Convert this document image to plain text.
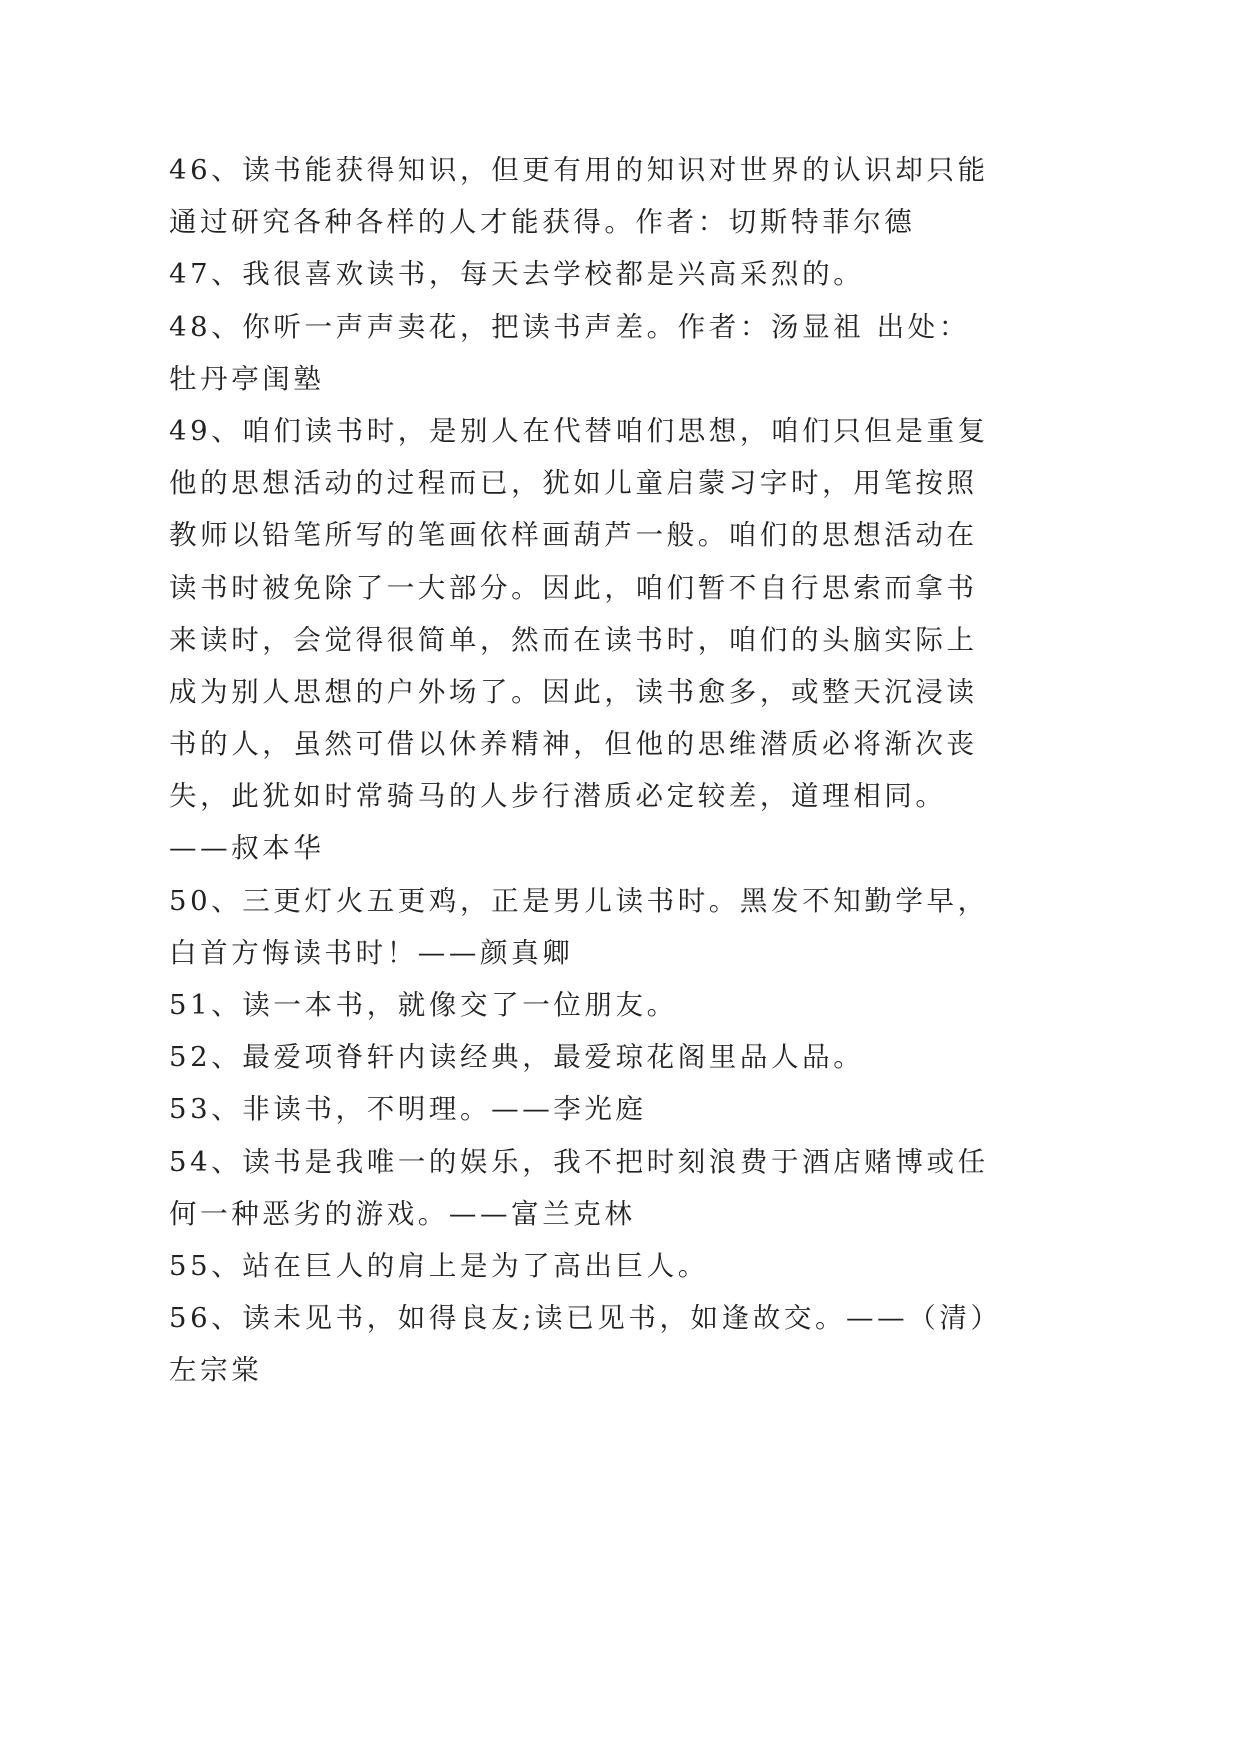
46、读书能获得知识，但更有用的知识对世界的认识却只能
通过研究各种各样的人才能获得。作者：切斯特菲尔德
47、我很喜欢读书，每天去学校都是兴高采烈的。
48、你听一声声卖花，把读书声差。作者：汤显祖 出处：
牡丹亭闺塾
49、咱们读书时，是别人在代替咱们思想，咱们只但是重复
他的思想活动的过程而已，犹如儿童启蒙习字时，用笔按照
教师以铅笔所写的笔画依样画葫芦一般。咱们的思想活动在
读书时被免除了一大部分。因此，咱们暂不自行思索而拿书
来读时，会觉得很简单，然而在读书时，咱们的头脑实际上
成为别人思想的户外场了。因此，读书愈多，或整天沉浸读
书的人，虽然可借以休养精神，但他的思维潜质必将渐次丧
失，此犹如时常骑马的人步行潜质必定较差，道理相同。
——叔本华
50、三更灯火五更鸡，正是男儿读书时。黑发不知勤学早，
白首方悔读书时！——颜真卿
51、读一本书，就像交了一位朋友。
52、最爱项脊轩内读经典，最爱琼花阁里品人品。
53、非读书，不明理。——李光庭
54、读书是我唯一的娱乐，我不把时刻浪费于酒店赌博或任
何一种恶劣的游戏。——富兰克林
55、站在巨人的肩上是为了高出巨人。
56、读未见书，如得良友;读已见书，如逢故交。——（清）
左宗棠
